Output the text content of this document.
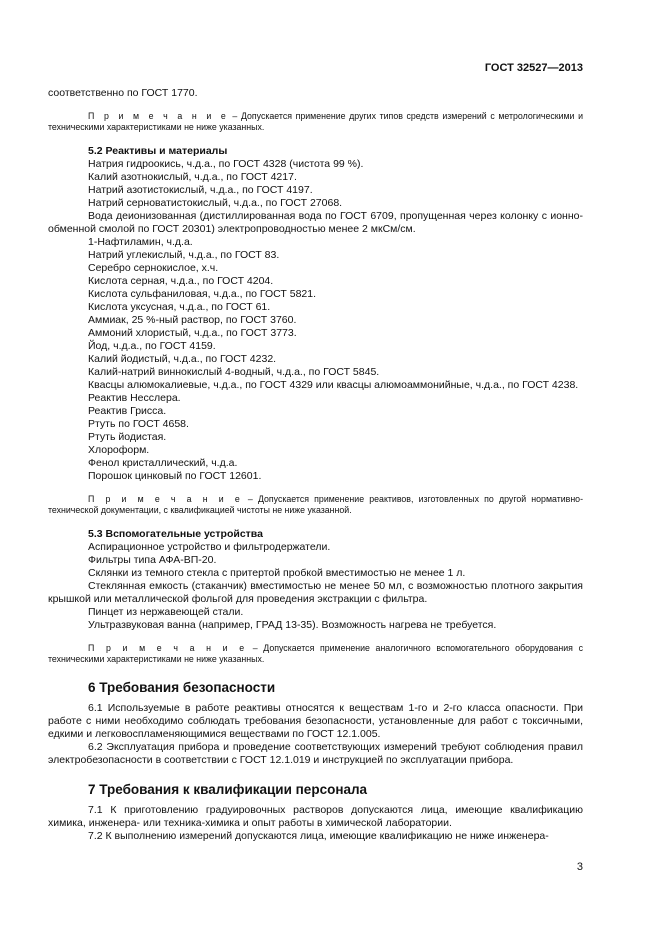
ГОСТ 32527—2013

соответственно по ГОСТ 1770.

П р и м е ч а н и е – Допускается применение других типов средств измерений с метрологическими и техническими характеристиками не ниже указанных.

5.2 Реактивы и материалы

Натрия гидроокись, ч.д.а., по ГОСТ 4328 (чистота 99 %).

Калий азотнокислый, ч.д.а., по ГОСТ 4217.

Натрий азотистокислый, ч.д.а., по ГОСТ 4197.

Натрий серноватистокислый, ч.д.а., по ГОСТ 27068.

Вода деионизованная (дистиллированная вода по ГОСТ 6709, пропущенная через колонку с ионно-обменной смолой по ГОСТ 20301) электропроводностью менее 2 мкСм/см.

1-Нафтиламин, ч.д.а.

Натрий углекислый, ч.д.а., по ГОСТ 83.

Серебро сернокислое, х.ч.

Кислота серная, ч.д.а., по ГОСТ 4204.

Кислота сульфаниловая, ч.д.а., по ГОСТ 5821.

Кислота уксусная, ч.д.а., по ГОСТ 61.

Аммиак, 25 %-ный раствор, по ГОСТ 3760.

Аммоний хлористый, ч.д.а., по ГОСТ 3773.

Йод, ч.д.а., по ГОСТ 4159.

Калий йодистый, ч.д.а., по ГОСТ 4232.

Калий-натрий виннокислый 4-водный, ч.д.а., по ГОСТ 5845.

Квасцы алюмокалиевые, ч.д.а., по ГОСТ 4329 или квасцы алюмоаммонийные, ч.д.а., по ГОСТ 4238.

Реактив Несслера.

Реактив Грисса.

Ртуть по ГОСТ 4658.

Ртуть йодистая.

Хлороформ.

Фенол кристаллический, ч.д.а.

Порошок цинковый по ГОСТ 12601.

П р и м е ч а н и е – Допускается применение реактивов, изготовленных по другой нормативно-технической документации, с квалификацией чистоты не ниже указанной.

5.3 Вспомогательные устройства

Аспирационное устройство и фильтродержатели.

Фильтры типа АФА-ВП-20.

Склянки из темного стекла с притертой пробкой вместимостью не менее 1 л.

Стеклянная емкость (стаканчик) вместимостью не менее 50 мл, с возможностью плотного закрытия крышкой или металлической фольгой для проведения экстракции с фильтра.

Пинцет из нержавеющей стали.

Ультразвуковая ванна (например, ГРАД 13-35). Возможность нагрева не требуется.

П р и м е ч а н и е – Допускается применение аналогичного вспомогательного оборудования с техническими характеристиками не ниже указанных.

6 Требования безопасности

6.1 Используемые в работе реактивы относятся к веществам 1-го и 2-го класса опасности. При работе с ними необходимо соблюдать требования безопасности, установленные для работ с токсичными, едкими и легковоспламеняющимися веществами по ГОСТ 12.1.005.

6.2 Эксплуатация прибора и проведение соответствующих измерений требуют соблюдения правил электробезопасности в соответствии с ГОСТ 12.1.019 и инструкцией по эксплуатации прибора.

7 Требования к квалификации персонала

7.1 К приготовлению градуировочных растворов допускаются лица, имеющие квалификацию химика, инженера- или техника-химика и опыт работы в химической лаборатории.

7.2 К выполнению измерений допускаются лица, имеющие квалификацию не ниже инженера-

3
